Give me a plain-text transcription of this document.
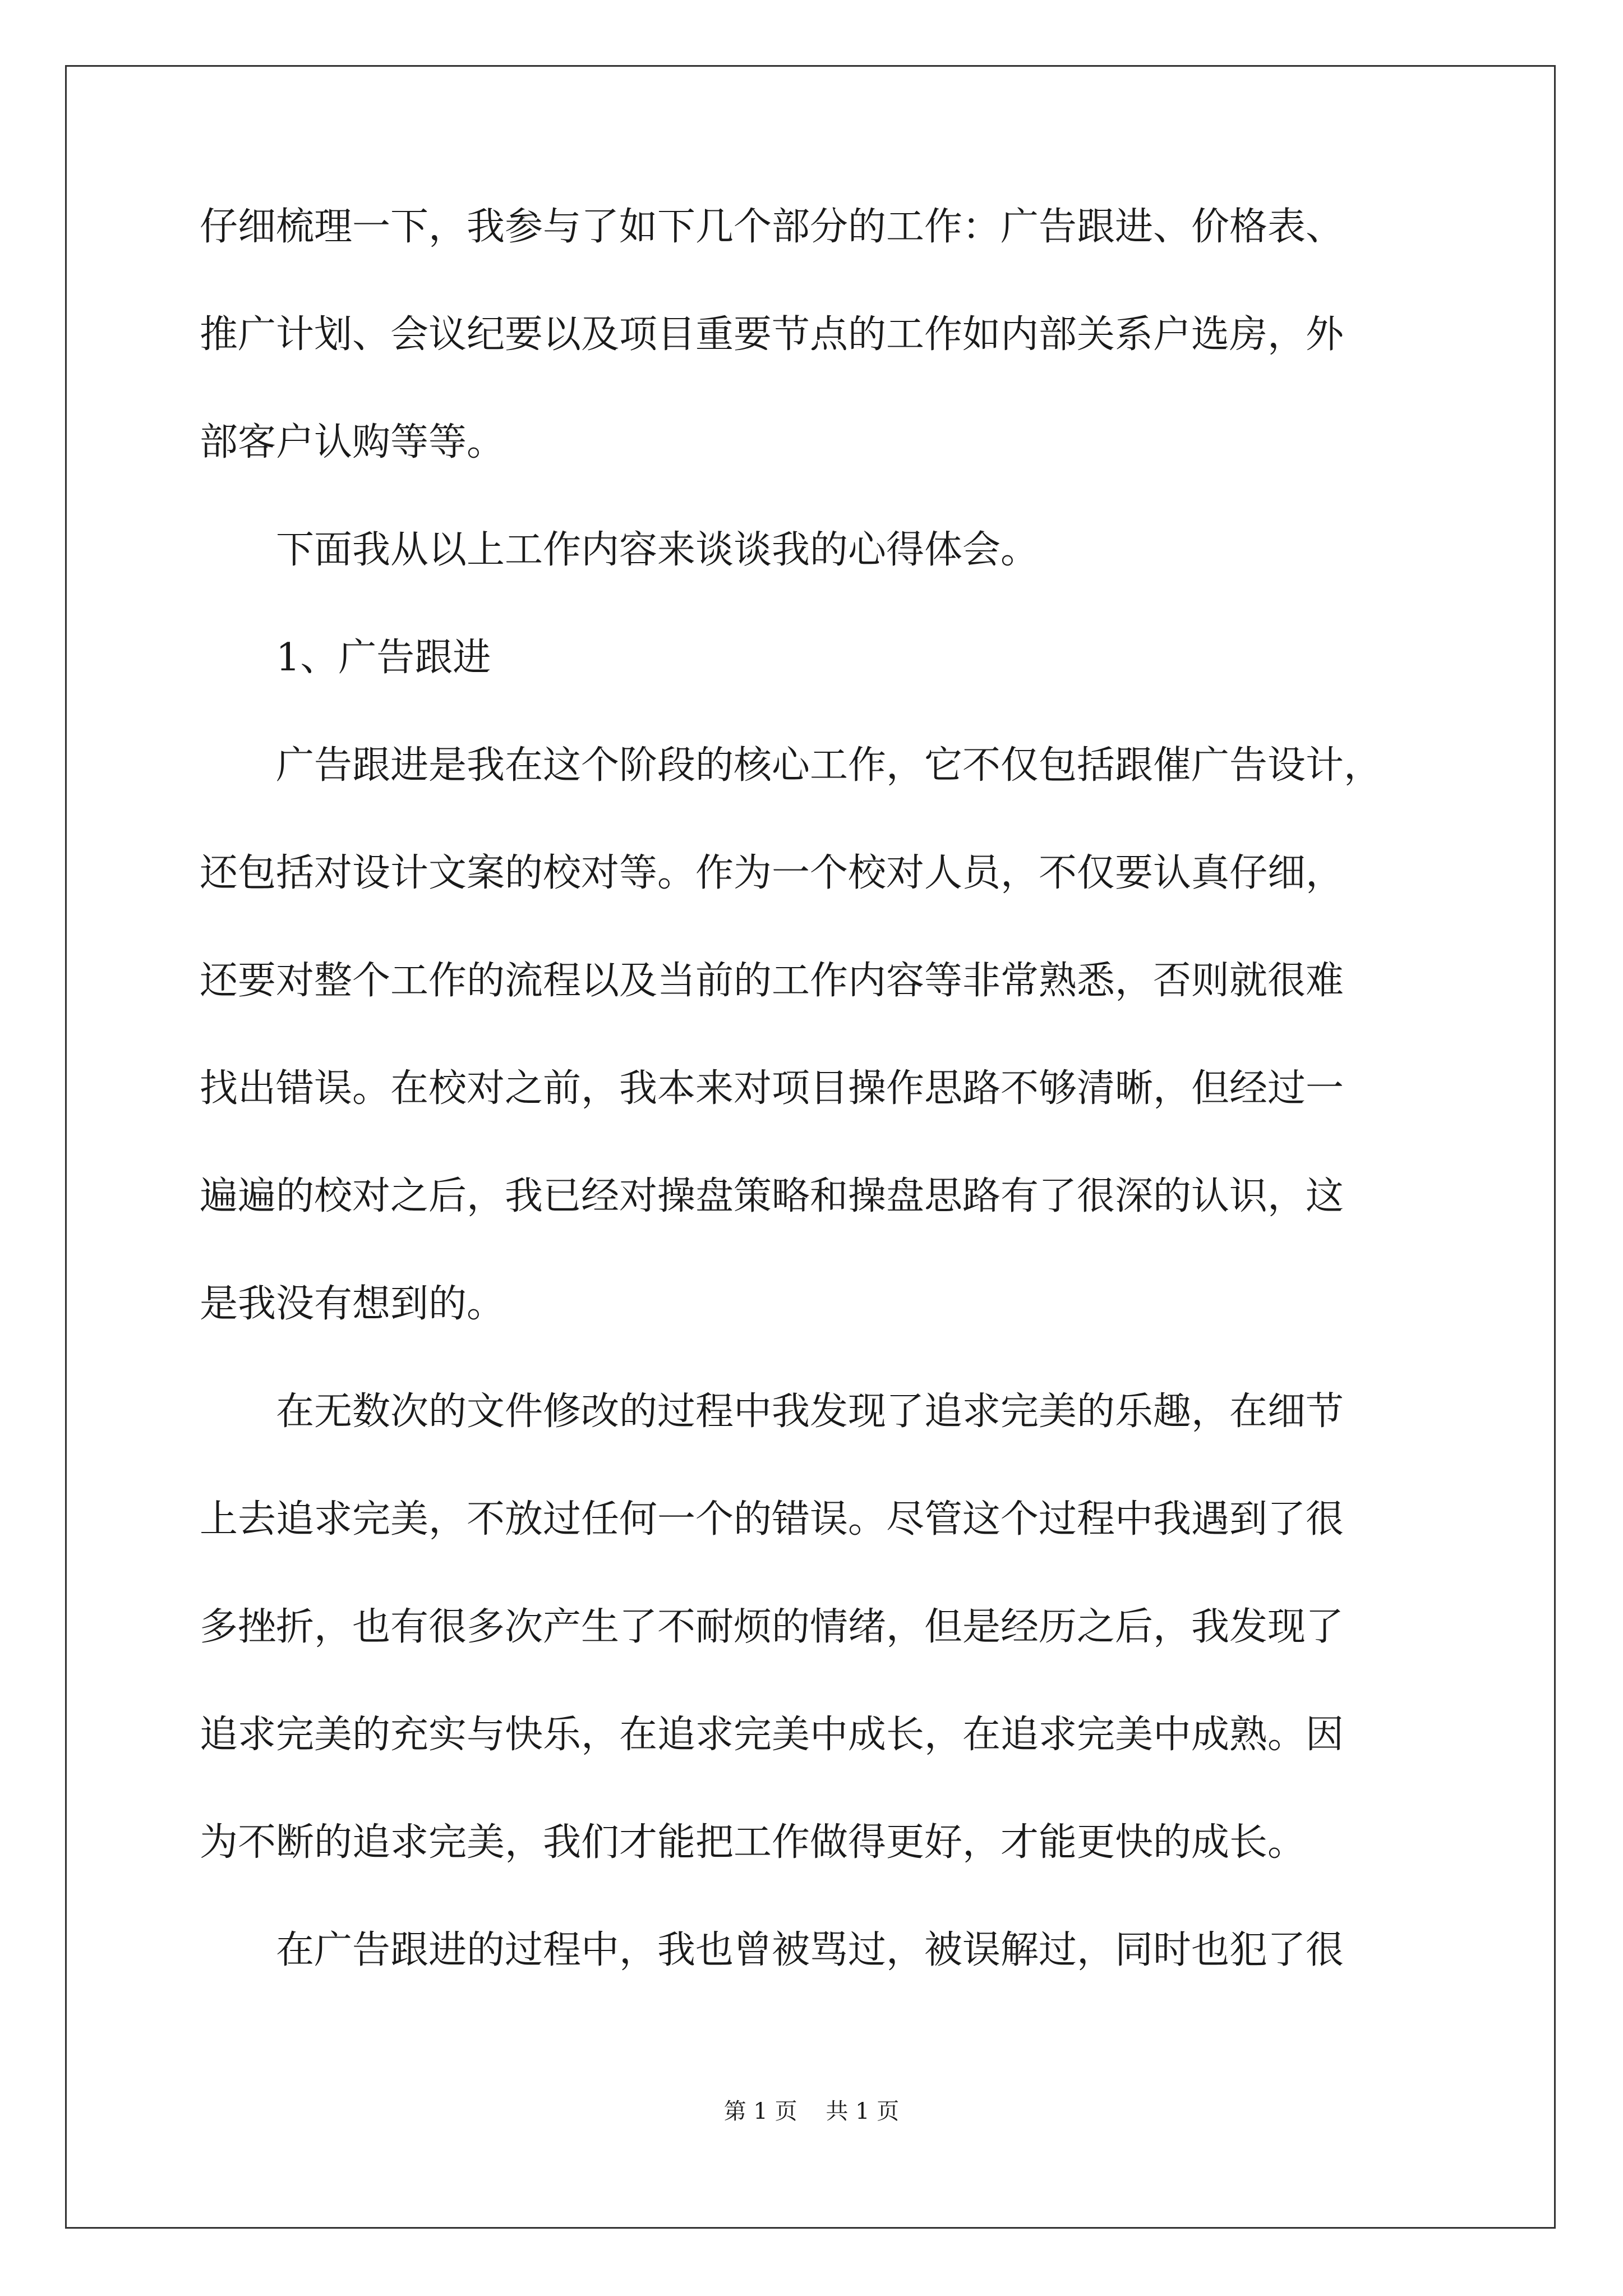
仔细梳理一下，我参与了如下几个部分的工作：广告跟进、价格表、
推广计划、会议纪要以及项目重要节点的工作如内部关系户选房，外
部客户认购等等。
下面我从以上工作内容来谈谈我的心得体会。
1、广告跟进
广告跟进是我在这个阶段的核心工作，它不仅包括跟催广告设计，
还包括对设计文案的校对等。作为一个校对人员，不仅要认真仔细，
还要对整个工作的流程以及当前的工作内容等非常熟悉，否则就很难
找出错误。在校对之前，我本来对项目操作思路不够清晰，但经过一
遍遍的校对之后，我已经对操盘策略和操盘思路有了很深的认识，这
是我没有想到的。
在无数次的文件修改的过程中我发现了追求完美的乐趣，在细节
上去追求完美，不放过任何一个的错误。尽管这个过程中我遇到了很
多挫折，也有很多次产生了不耐烦的情绪，但是经历之后，我发现了
追求完美的充实与快乐，在追求完美中成长，在追求完美中成熟。因
为不断的追求完美，我们才能把工作做得更好，才能更快的成长。
在广告跟进的过程中，我也曾被骂过，被误解过，同时也犯了很
第 1 页    共 1 页
